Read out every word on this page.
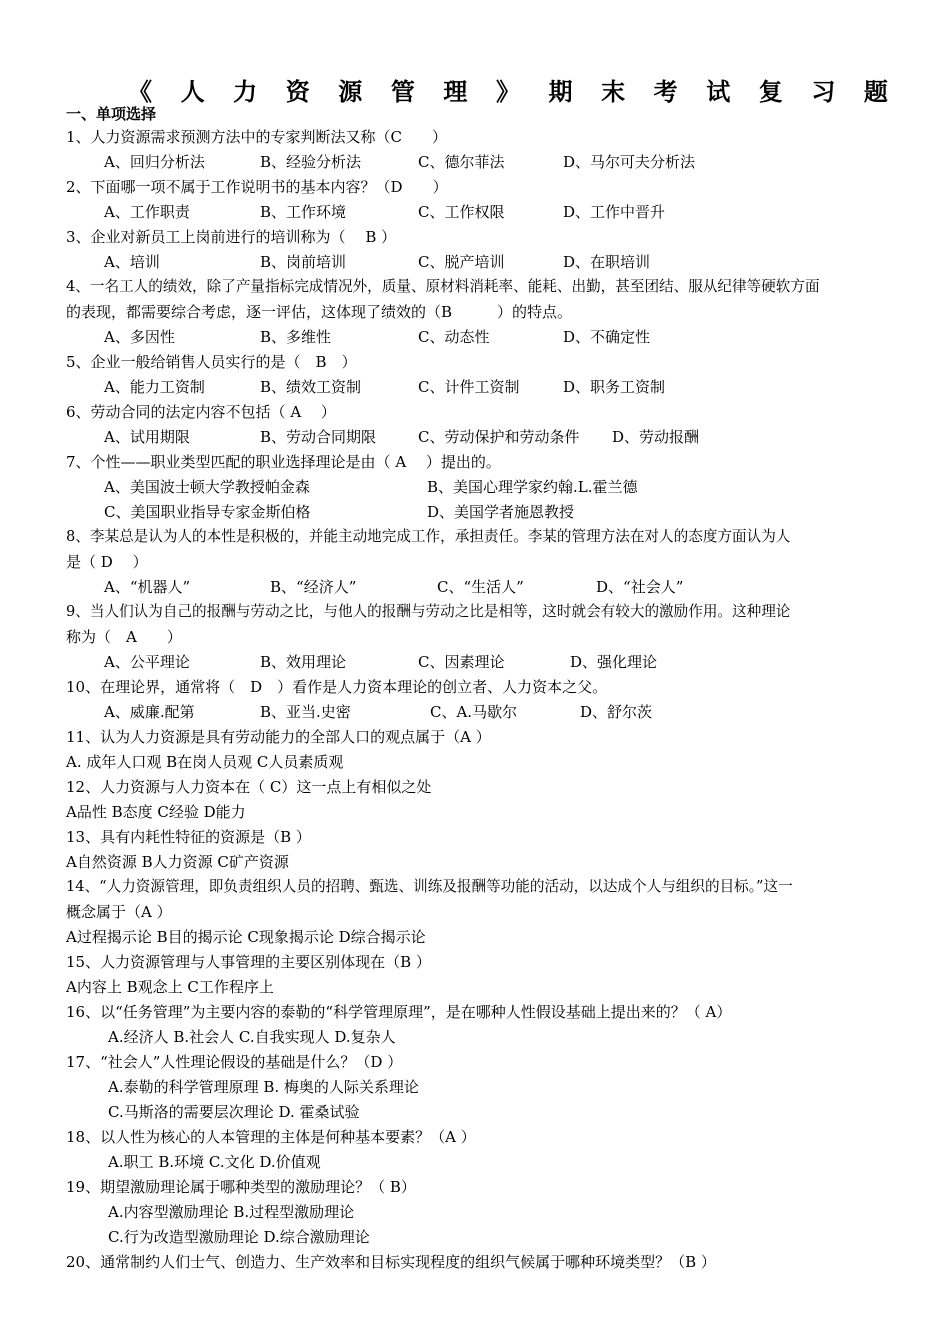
《 人 力 资 源 管 理 》 期 末 考 试 复 习 题
一、单项选择
1、人力资源需求预测方法中的专家判断法又称（C　　）
A、回归分析法	B、经验分析法	C、德尔菲法	D、马尔可夫分析法
2、下面哪一项不属于工作说明书的基本内容？（D　　）
A、工作职责	B、工作环境	C、工作权限	D、工作中晋升
3、企业对新员工上岗前进行的培训称为（　 B ）
A、培训	B、岗前培训	C、脱产培训	D、在职培训
4、一名工人的绩效，除了产量指标完成情况外，质量、原材料消耗率、能耗、出勤，甚至团结、服从纪律等硬软方面
的表现，都需要综合考虑，逐一评估，这体现了绩效的（B　　　）的特点。
A、多因性	B、多维性	C、动态性	D、不确定性
5、企业一般给销售人员实行的是（　B　）
A、能力工资制	B、绩效工资制	C、计件工资制	D、职务工资制
6、劳动合同的法定内容不包括（ A　 ）
A、试用期限	B、劳动合同期限	C、劳动保护和劳动条件 D、劳动报酬
7、个性——职业类型匹配的职业选择理论是由（ A　 ）提出的。
A、美国波士顿大学教授帕金森	B、美国心理学家约翰.L.霍兰德
C、美国职业指导专家金斯伯格	D、美国学者施恩教授
8、李某总是认为人的本性是积极的，并能主动地完成工作，承担责任。李某的管理方法在对人的态度方面认为人
是（ D　 ）
A、“机器人”	B、“经济人”	C、“生活人”	D、“社会人”
9、当人们认为自己的报酬与劳动之比，与他人的报酬与劳动之比是相等，这时就会有较大的激励作用。这种理论
称为（　A　　）
A、公平理论	B、效用理论	C、因素理论	D、强化理论
10、在理论界，通常将（　D　）看作是人力资本理论的创立者、人力资本之父。
A、威廉.配第	B、亚当.史密	C、A.马歇尔	D、舒尔茨
11、认为人力资源是具有劳动能力的全部人口的观点属于（A ）
A. 成年人口观 B在岗人员观 C人员素质观
12、人力资源与人力资本在（ C）这一点上有相似之处
A品性 B态度 C经验 D能力
13、具有内耗性特征的资源是（B ）
A自然资源 B人力资源 C矿产资源
14、“人力资源管理，即负责组织人员的招聘、甄选、训练及报酬等功能的活动，以达成个人与组织的目标。”这一
概念属于（A ）
A过程揭示论 B目的揭示论 C现象揭示论 D综合揭示论
15、人力资源管理与人事管理的主要区别体现在（B ）
A内容上 B观念上 C工作程序上
16、以“任务管理”为主要内容的泰勒的“科学管理原理”，是在哪种人性假设基础上提出来的？（ A）
A.经济人 B.社会人 C.自我实现人 D.复杂人
17、“社会人”人性理论假设的基础是什么？（D ）
A.泰勒的科学管理原理 B. 梅奥的人际关系理论
C.马斯洛的需要层次理论 D. 霍桑试验
18、以人性为核心的人本管理的主体是何种基本要素？（A ）
A.职工 B.环境 C.文化 D.价值观
19、期望激励理论属于哪种类型的激励理论？（ B）
A.内容型激励理论 B.过程型激励理论
C.行为改造型激励理论 D.综合激励理论
20、通常制约人们士气、创造力、生产效率和目标实现程度的组织气候属于哪种环境类型？（B ）
